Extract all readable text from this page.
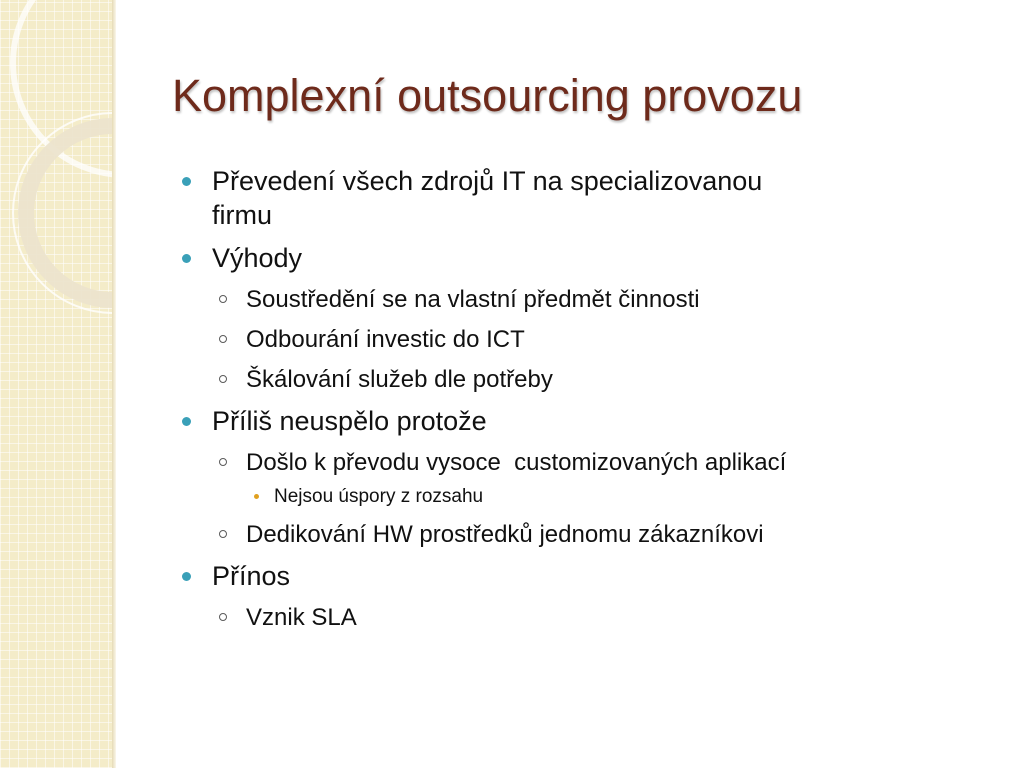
Komplexní outsourcing provozu
Převedení všech zdrojů IT na specializovanou
firmu
Výhody
Soustředění se na vlastní předmět činnosti
Odbourání investic do ICT
Škálování služeb dle potřeby
Příliš neuspělo protože
Došlo k převodu vysoce  customizovaných aplikací
Nejsou úspory z rozsahu
Dedikování HW prostředků jednomu zákazníkovi
Přínos
Vznik SLA
